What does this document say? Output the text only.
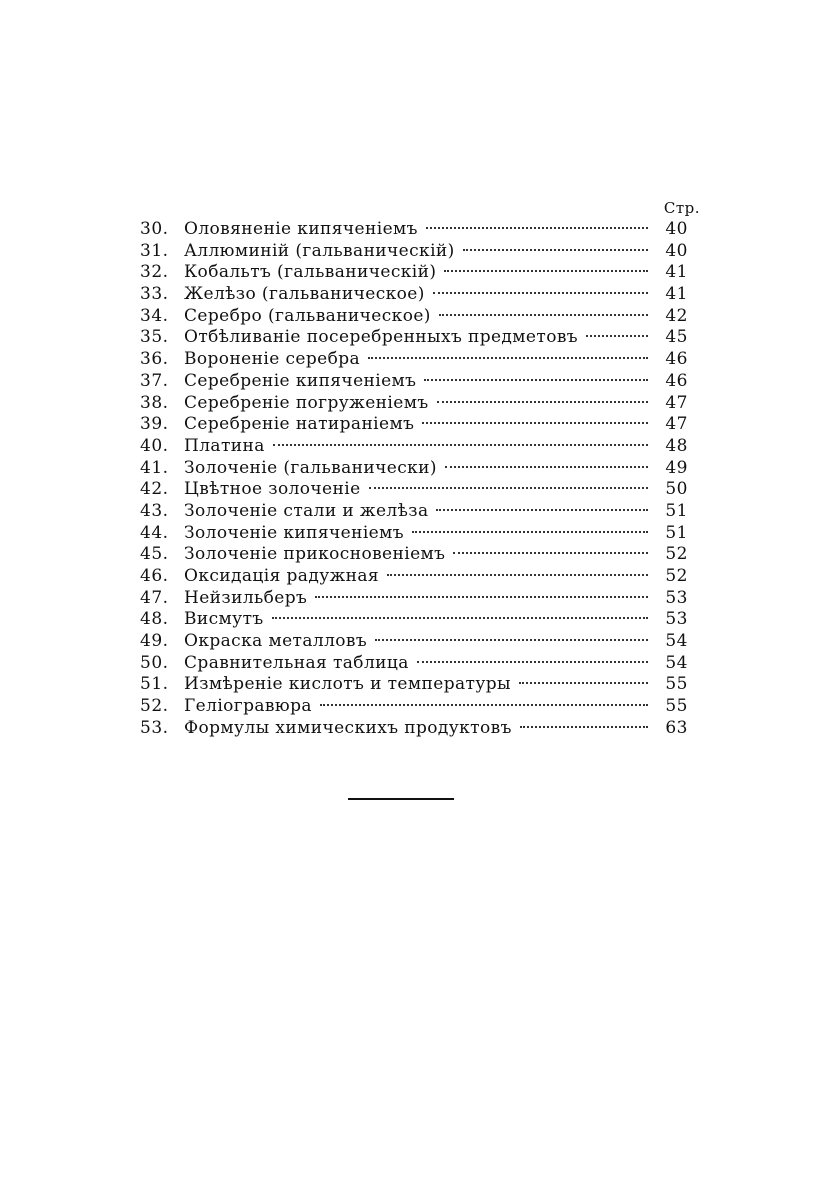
Стр.
30. Оловяненіе кипяченіемъ	40
31. Аллюминій (гальваническій)	40
32. Кобальтъ (гальваническій)	41
33. Желѣзо (гальваническое)	41
34. Серебро (гальваническое)	42
35. Отбѣливаніе посеребренныхъ предметовъ	45
36. Вороненіе серебра	46
37. Серебреніе кипяченіемъ	46
38. Серебреніе погруженіемъ	47
39. Серебреніе натираніемъ	47
40. Платина	48
41. Золоченіе (гальванически)	49
42. Цвѣтное золоченіе	50
43. Золоченіе стали и желѣза	51
44. Золоченіе кипяченіемъ	51
45. Золоченіе прикосновеніемъ	52
46. Оксидація радужная	52
47. Нейзильберъ	53
48. Висмутъ	53
49. Окраска металловъ	54
50. Сравнительная таблица	54
51. Измѣреніе кислотъ и температуры	55
52. Геліогравюра	55
53. Формулы химическихъ продуктовъ	63
